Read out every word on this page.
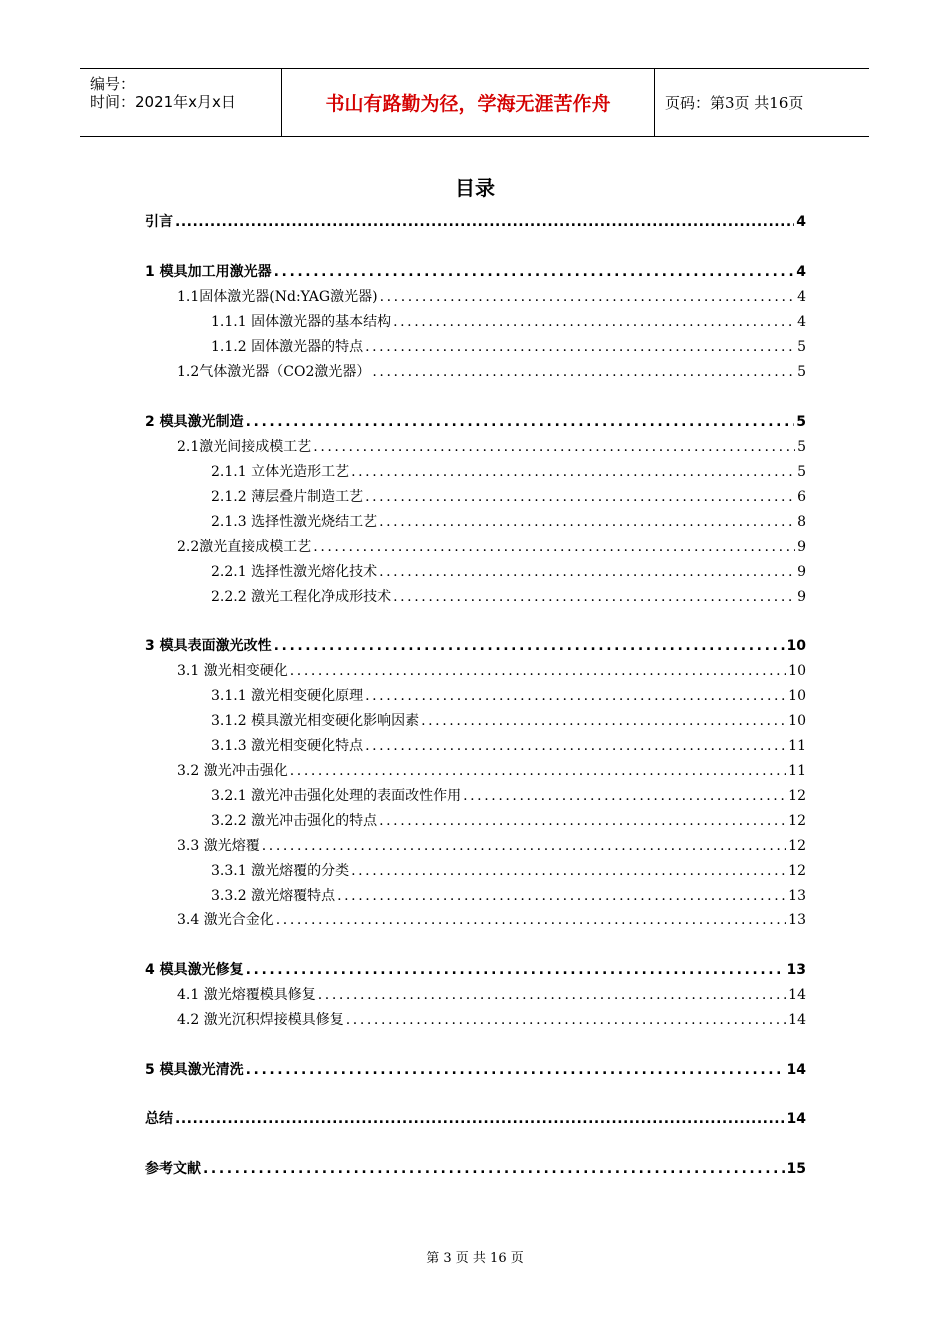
编号：
时间：2021年x月x日	书山有路勤为径，学海无涯苦作舟	页码：第3页 共16页
目录
引言 .....	4
1 模具加工用激光器 .....	4
1.1固体激光器(Nd:YAG激光器) .....	4
1.1.1 固体激光器的基本结构 .....	4
1.1.2 固体激光器的特点 .....	5
1.2气体激光器（CO2激光器） .....	5
2 模具激光制造 .....	5
2.1激光间接成模工艺 .....	5
2.1.1 立体光造形工艺 .....	5
2.1.2 薄层叠片制造工艺 .....	6
2.1.3 选择性激光烧结工艺 .....	8
2.2激光直接成模工艺 .....	9
2.2.1 选择性激光熔化技术 .....	9
2.2.2 激光工程化净成形技术 .....	9
3 模具表面激光改性 .....	10
3.1 激光相变硬化 .....	10
3.1.1 激光相变硬化原理 .....	10
3.1.2 模具激光相变硬化影响因素 .....	10
3.1.3 激光相变硬化特点 .....	11
3.2 激光冲击强化 .....	11
3.2.1 激光冲击强化处理的表面改性作用 .....	12
3.2.2 激光冲击强化的特点 .....	12
3.3 激光熔覆 .....	12
3.3.1 激光熔覆的分类 .....	12
3.3.2 激光熔覆特点 .....	13
3.4 激光合金化 .....	13
4 模具激光修复 .....	13
4.1 激光熔覆模具修复 .....	14
4.2 激光沉积焊接模具修复 .....	14
5 模具激光清洗 .....	14
总结 .....	14
参考文献 .....	15
第 3 页 共 16 页
